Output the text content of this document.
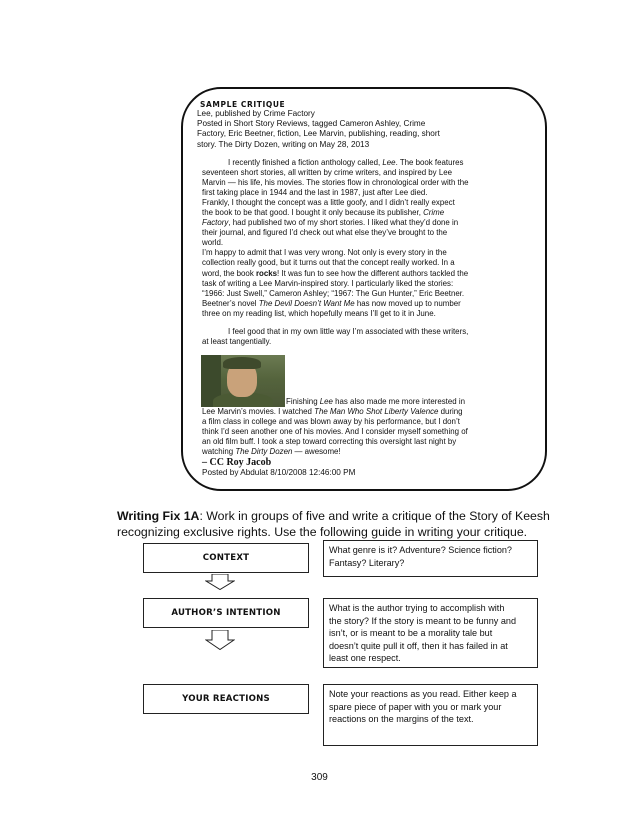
SAMPLE CRITIQUE
Lee, published by Crime Factory
Posted in Short Story Reviews, tagged Cameron Ashley, Crime
Factory, Eric Beetner, fiction, Lee Marvin, publishing, reading, short
story. The Dirty Dozen, writing on May 28, 2013
I recently finished a fiction anthology called, Lee. The book features
seventeen short stories, all written by crime writers, and inspired by Lee
Marvin — his life, his movies. The stories flow in chronological order with the
first taking place in 1944 and the last in 1987, just after Lee died.
Frankly, I thought the concept was a little goofy, and I didn’t really expect
the book to be that good. I bought it only because its publisher, Crime
Factory, had published two of my short stories. I liked what they’d done in
their journal, and figured I’d check out what else they’ve brought to the
world.
I’m happy to admit that I was very wrong. Not only is every story in the
collection really good, but it turns out that the concept really worked. In a
word, the book rocks! It was fun to see how the different authors tackled the
task of writing a Lee Marvin-inspired story. I particularly liked the stories:
“1966: Just Swell,” Cameron Ashley; “1967: The Gun Hunter,” Eric Beetner.
Beetner’s novel The Devil Doesn’t Want Me has now moved up to number
three on my reading list, which hopefully means I’ll get to it in June.
I feel good that in my own little way I’m associated with these writers,
at least tangentially.
Finishing Lee has also made me more interested in
Lee Marvin’s movies. I watched The Man Who Shot Liberty Valence during
a film class in college and was blown away by his performance, but I don’t
think I’d seen another one of his movies. And I consider myself something of
an old film buff. I took a step toward correcting this oversight last night by
watching The Dirty Dozen — awesome!
– CC Roy Jacob
Posted by Abdulat 8/10/2008 12:46:00 PM
Writing Fix 1A: Work in groups of five and write a critique of the Story of Keesh
recognizing exclusive rights. Use the following guide in writing your critique.
CONTEXT
What genre is it? Adventure? Science fiction?
Fantasy? Literary?
AUTHOR’S INTENTION	What is the author trying to accomplish with
the story? If the story is meant to be funny and
isn’t, or is meant to be a morality tale but
doesn’t quite pull it off, then it has failed in at
least one respect.
YOUR REACTIONS	Note your reactions as you read. Either keep a
spare piece of paper with you or mark your
reactions on the margins of the text.
309
